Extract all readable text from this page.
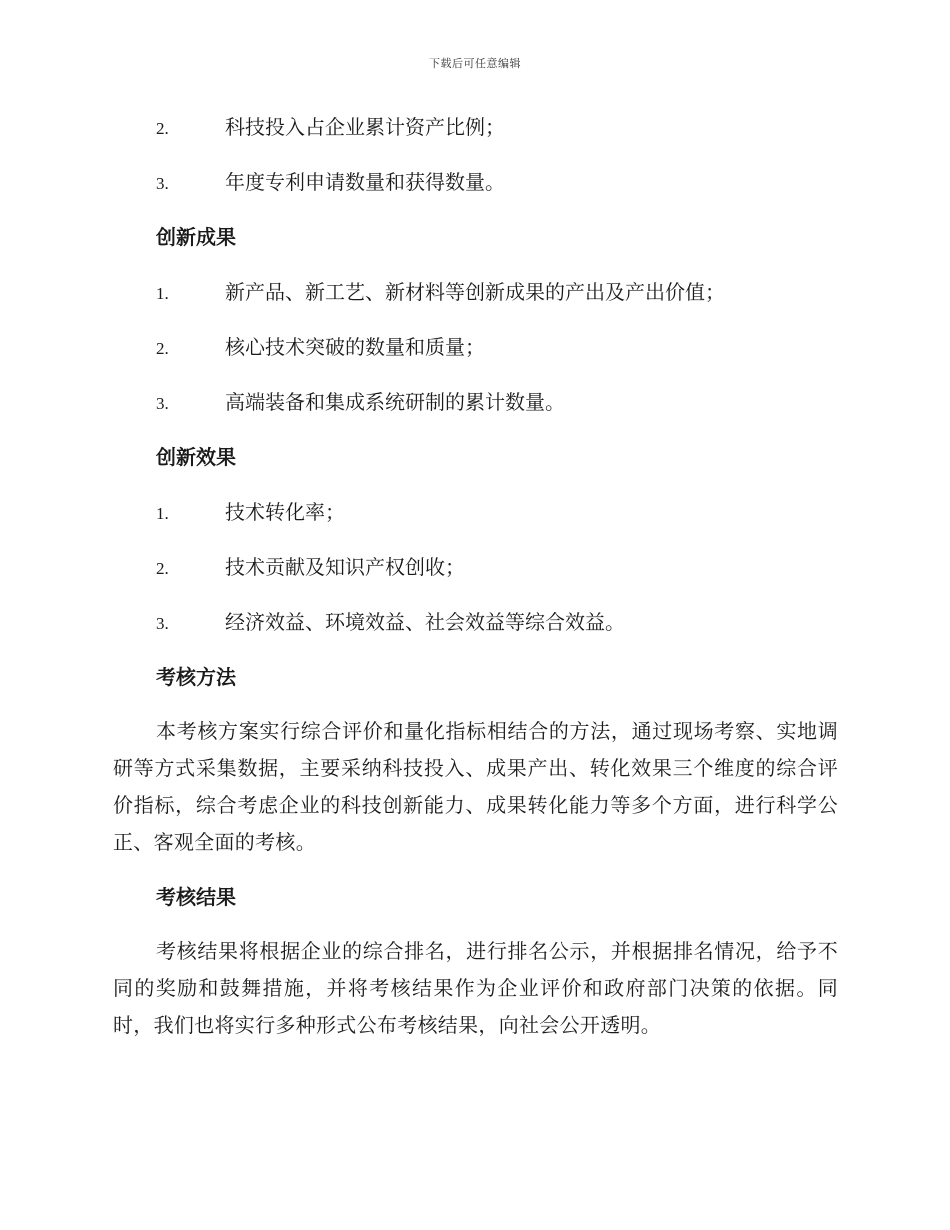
下载后可任意编辑
2.	科技投入占企业累计资产比例；
3.	年度专利申请数量和获得数量。
创新成果
1.	新产品、新工艺、新材料等创新成果的产出及产出价值；
2.	核心技术突破的数量和质量；
3.	高端装备和集成系统研制的累计数量。
创新效果
1.	技术转化率；
2.	技术贡献及知识产权创收；
3.	经济效益、环境效益、社会效益等综合效益。
考核方法

本考核方案实行综合评价和量化指标相结合的方法，通过现场考察、实地调研等方式采集数据，主要采纳科技投入、成果产出、转化效果三个维度的综合评价指标，综合考虑企业的科技创新能力、成果转化能力等多个方面，进行科学公正、客观全面的考核。

考核结果

考核结果将根据企业的综合排名，进行排名公示，并根据排名情况，给予不同的奖励和鼓舞措施，并将考核结果作为企业评价和政府部门决策的依据。同时，我们也将实行多种形式公布考核结果，向社会公开透明。
